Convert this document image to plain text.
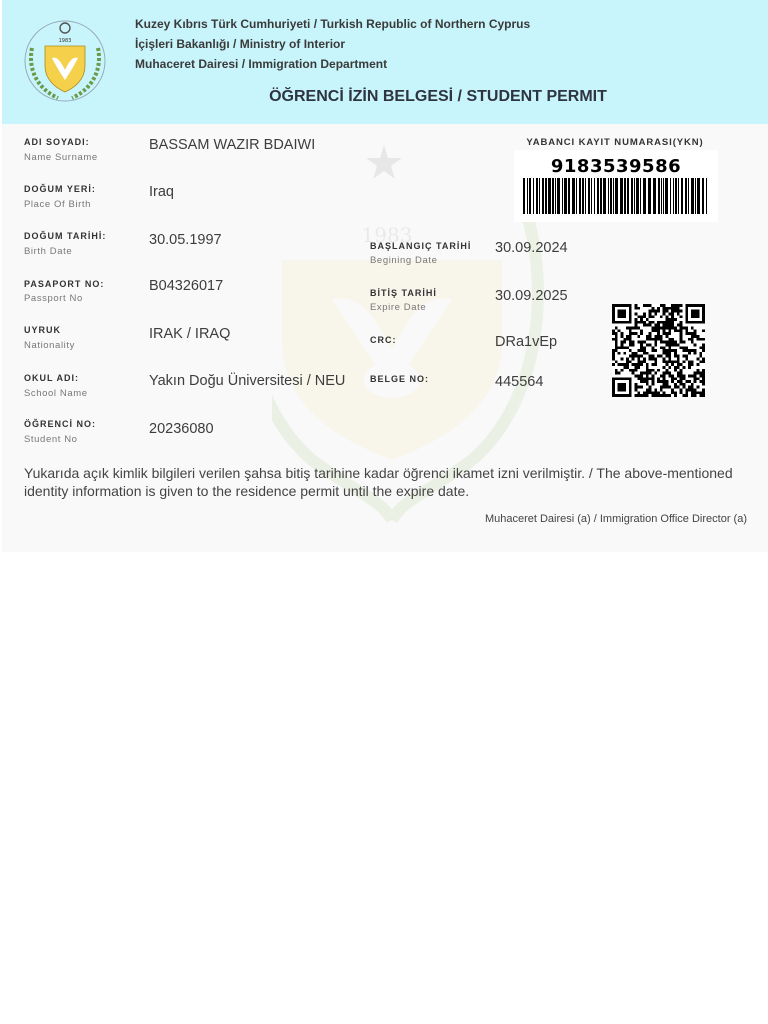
1983
1983
Kuzey Kıbrıs Türk Cumhuriyeti / Turkish Republic of Northern Cyprus
İçişleri Bakanlığı / Ministry of Interior
Muhaceret Dairesi / Immigration Department
ÖĞRENCİ İZİN BELGESİ / STUDENT PERMIT
ADI SOYADI:
Name Surname
BASSAM WAZIR BDAIWI
DOĞUM YERİ:
Place Of Birth
Iraq
DOĞUM TARİHİ:
Birth Date
30.05.1997
PASAPORT NO:
Passport No
B04326017
UYRUK
Nationality
IRAK / IRAQ
OKUL ADI:
School Name
Yakın Doğu Üniversitesi / NEU
ÖĞRENCİ NO:
Student No
20236080
BAŞLANGIÇ TARİHİ
Begining Date
30.09.2024
BİTİŞ TARİHİ
Expire Date
30.09.2025
CRC:	DRa1vEp
BELGE NO:	445564
YABANCI KAYIT NUMARASI(YKN)
9183539586
Yukarıda açık kimlik bilgileri verilen şahsa bitiş tarihine kadar öğrenci ikamet izni verilmiştir. / The above-mentioned identity information is given to the residence permit until the expire date.
Muhaceret Dairesi (a) / Immigration Office Director (a)
